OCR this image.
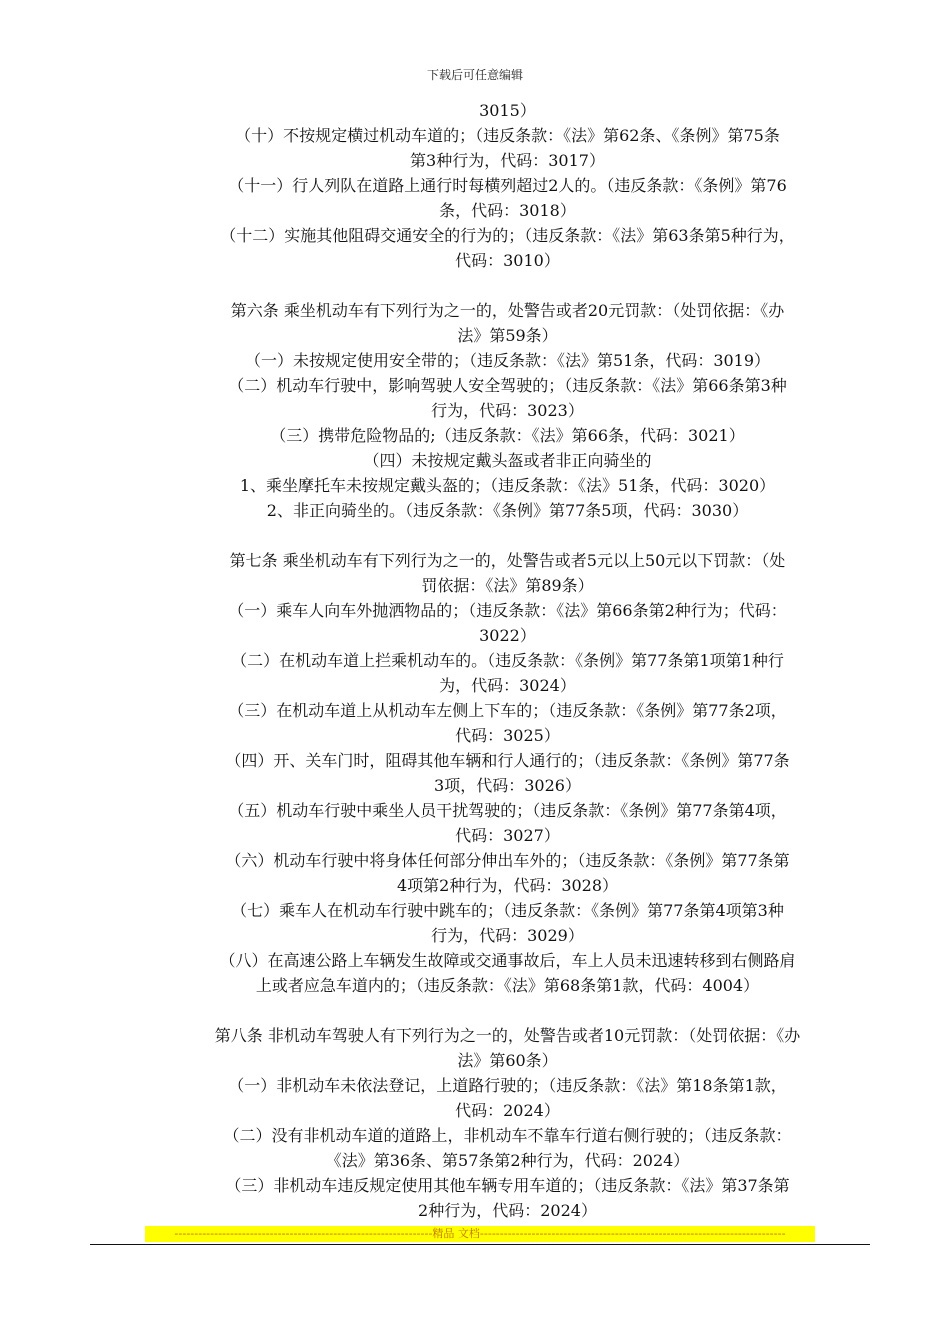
下载后可任意编辑
3015）
（十）不按规定横过机动车道的；（违反条款：《法》第62条、《条例》第75条
第3种行为，代码：3017）
（十一）行人列队在道路上通行时每横列超过2人的。（违反条款：《条例》第76
条，代码：3018）
（十二）实施其他阻碍交通安全的行为的；（违反条款：《法》第63条第5种行为，
代码：3010）
第六条 乘坐机动车有下列行为之一的，处警告或者20元罚款：（处罚依据：《办
法》第59条）
（一）未按规定使用安全带的；（违反条款：《法》第51条，代码：3019）
（二）机动车行驶中，影响驾驶人安全驾驶的；（违反条款：《法》第66条第3种
行为，代码：3023）
（三）携带危险物品的;（违反条款：《法》第66条，代码：3021）
（四）未按规定戴头盔或者非正向骑坐的
1、乘坐摩托车未按规定戴头盔的；（违反条款：《法》51条，代码：3020）
2、非正向骑坐的。（违反条款：《条例》第77条5项，代码：3030）
第七条 乘坐机动车有下列行为之一的，处警告或者5元以上50元以下罚款：（处
罚依据：《法》第89条）
（一）乘车人向车外抛洒物品的；（违反条款：《法》第66条第2种行为；代码：
3022）
（二）在机动车道上拦乘机动车的。（违反条款：《条例》第77条第1项第1种行
为，代码：3024）
（三）在机动车道上从机动车左侧上下车的；（违反条款：《条例》第77条2项，
代码：3025）
（四）开、关车门时，阻碍其他车辆和行人通行的；（违反条款：《条例》第77条
3项，代码：3026）
（五）机动车行驶中乘坐人员干扰驾驶的；（违反条款：《条例》第77条第4项，
代码：3027）
（六）机动车行驶中将身体任何部分伸出车外的；（违反条款：《条例》第77条第
4项第2种行为，代码：3028）
（七）乘车人在机动车行驶中跳车的；（违反条款：《条例》第77条第4项第3种
行为，代码：3029）
（八）在高速公路上车辆发生故障或交通事故后，车上人员未迅速转移到右侧路肩
上或者应急车道内的；（违反条款：《法》第68条第1款，代码：4004）
第八条 非机动车驾驶人有下列行为之一的，处警告或者10元罚款：（处罚依据：《办
法》第60条）
（一）非机动车未依法登记，上道路行驶的；（违反条款：《法》第18条第1款，
代码：2024）
（二）没有非机动车道的道路上，非机动车不靠车行道右侧行驶的；（违反条款：
《法》第36条、第57条第2种行为，代码：2024）
（三）非机动车违反规定使用其他车辆专用车道的；（违反条款：《法》第37条第
2种行为，代码：2024）
-----------------------------------------------------------------精品 文档-----------------------------------------------------------------------------
